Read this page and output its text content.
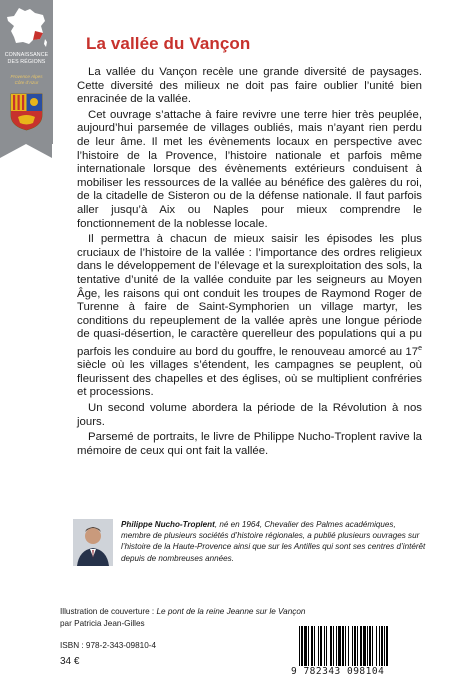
CONNAISSANCE
DES RÉGIONS
Provence Alpes
Côte d'Azur
La vallée du Vançon

La vallée du Vançon recèle une grande diversité de paysages. Cette diversité des milieux ne doit pas faire oublier l’unité bien enracinée de la vallée.

Cet ouvrage s’attache à faire revivre une terre hier très peuplée, aujourd’hui parsemée de villages oubliés, mais n’ayant rien perdu de leur âme. Il met les évènements locaux en perspective avec l’histoire de la Provence, l’histoire nationale et parfois même internationale lorsque des évènements extérieurs conduisent à mobiliser les ressources de la vallée au bénéfice des galères du roi, de la citadelle de Sisteron ou de la défense nationale. Il faut parfois aller jusqu’à Aix ou Naples pour mieux comprendre le fonctionnement de la noblesse locale.

Il permettra à chacun de mieux saisir les épisodes les plus cruciaux de l’histoire de la vallée : l’importance des ordres religieux dans le développement de l’élevage et la surexploitation des sols, la tentative d’unité de la vallée conduite par les seigneurs au Moyen Âge, les raisons qui ont conduit les troupes de Raymond Roger de Turenne à faire de Saint-Symphorien un village martyr, les conditions du repeuplement de la vallée après une longue période de quasi-désertion, le caractère querelleur des populations qui a pu parfois les conduire au bord du gouffre, le renouveau amorcé au 17e siècle où les villages s’étendent, les campagnes se peuplent, où fleurissent des chapelles et des églises, où se multiplient confréries et processions.

Un second volume abordera la période de la Révolution à nos jours.

Parsemé de portraits, le livre de Philippe Nucho-Troplent ravive la mémoire de ceux qui ont fait la vallée.

Philippe Nucho-Troplent, né en 1964, Chevalier des Palmes académiques, membre de plusieurs sociétés d’histoire régionales, a publié plusieurs ouvrages sur l’histoire de la Haute-Provence ainsi que sur les Antilles qui sont ses centres d’intérêt depuis de nombreuses années.
Illustration de couverture : Le pont de la reine Jeanne sur le Vançon par Patricia Jean-Gilles
ISBN : 978-2-343-09810-4
34 €
9 782343 098104
